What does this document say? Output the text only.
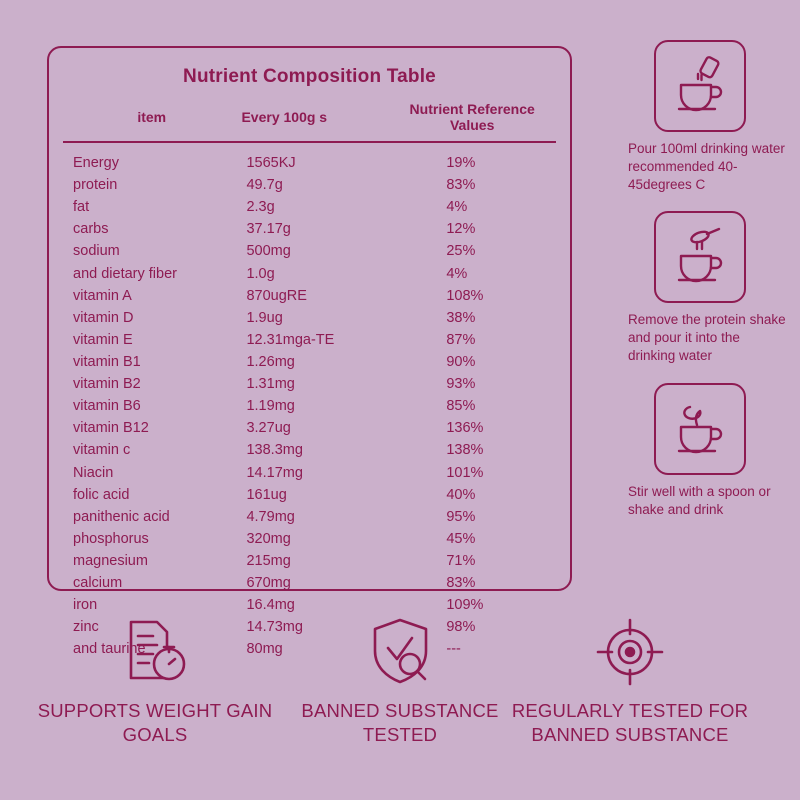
Nutrient Composition Table
item	Every 100g s	Nutrient Reference Values
Energy	1565KJ	19%
protein	49.7g	83%
fat	2.3g	4%
carbs	37.17g	12%
sodium	500mg	25%
and dietary fiber	1.0g	4%
vitamin A	870ugRE	108%
vitamin D	1.9ug	38%
vitamin E	12.31mga-TE	87%
vitamin B1	1.26mg	90%
vitamin B2	1.31mg	93%
vitamin B6	1.19mg	85%
vitamin B12	3.27ug	136%
vitamin c	138.3mg	138%
Niacin	14.17mg	101%
folic acid	161ug	40%
panithenic acid	4.79mg	95%
phosphorus	320mg	45%
magnesium	215mg	71%
calcium	670mg	83%
iron	16.4mg	109%
zinc	14.73mg	98%
and taurine	80mg	---
Pour 100ml drinking water recommended 40-45degrees C
Remove the protein shake and pour it into the drinking water
Stir well with a spoon or shake and drink
SUPPORTS WEIGHT GAIN GOALS
BANNED SUBSTANCE TESTED
REGULARLY TESTED FOR BANNED SUBSTANCE
